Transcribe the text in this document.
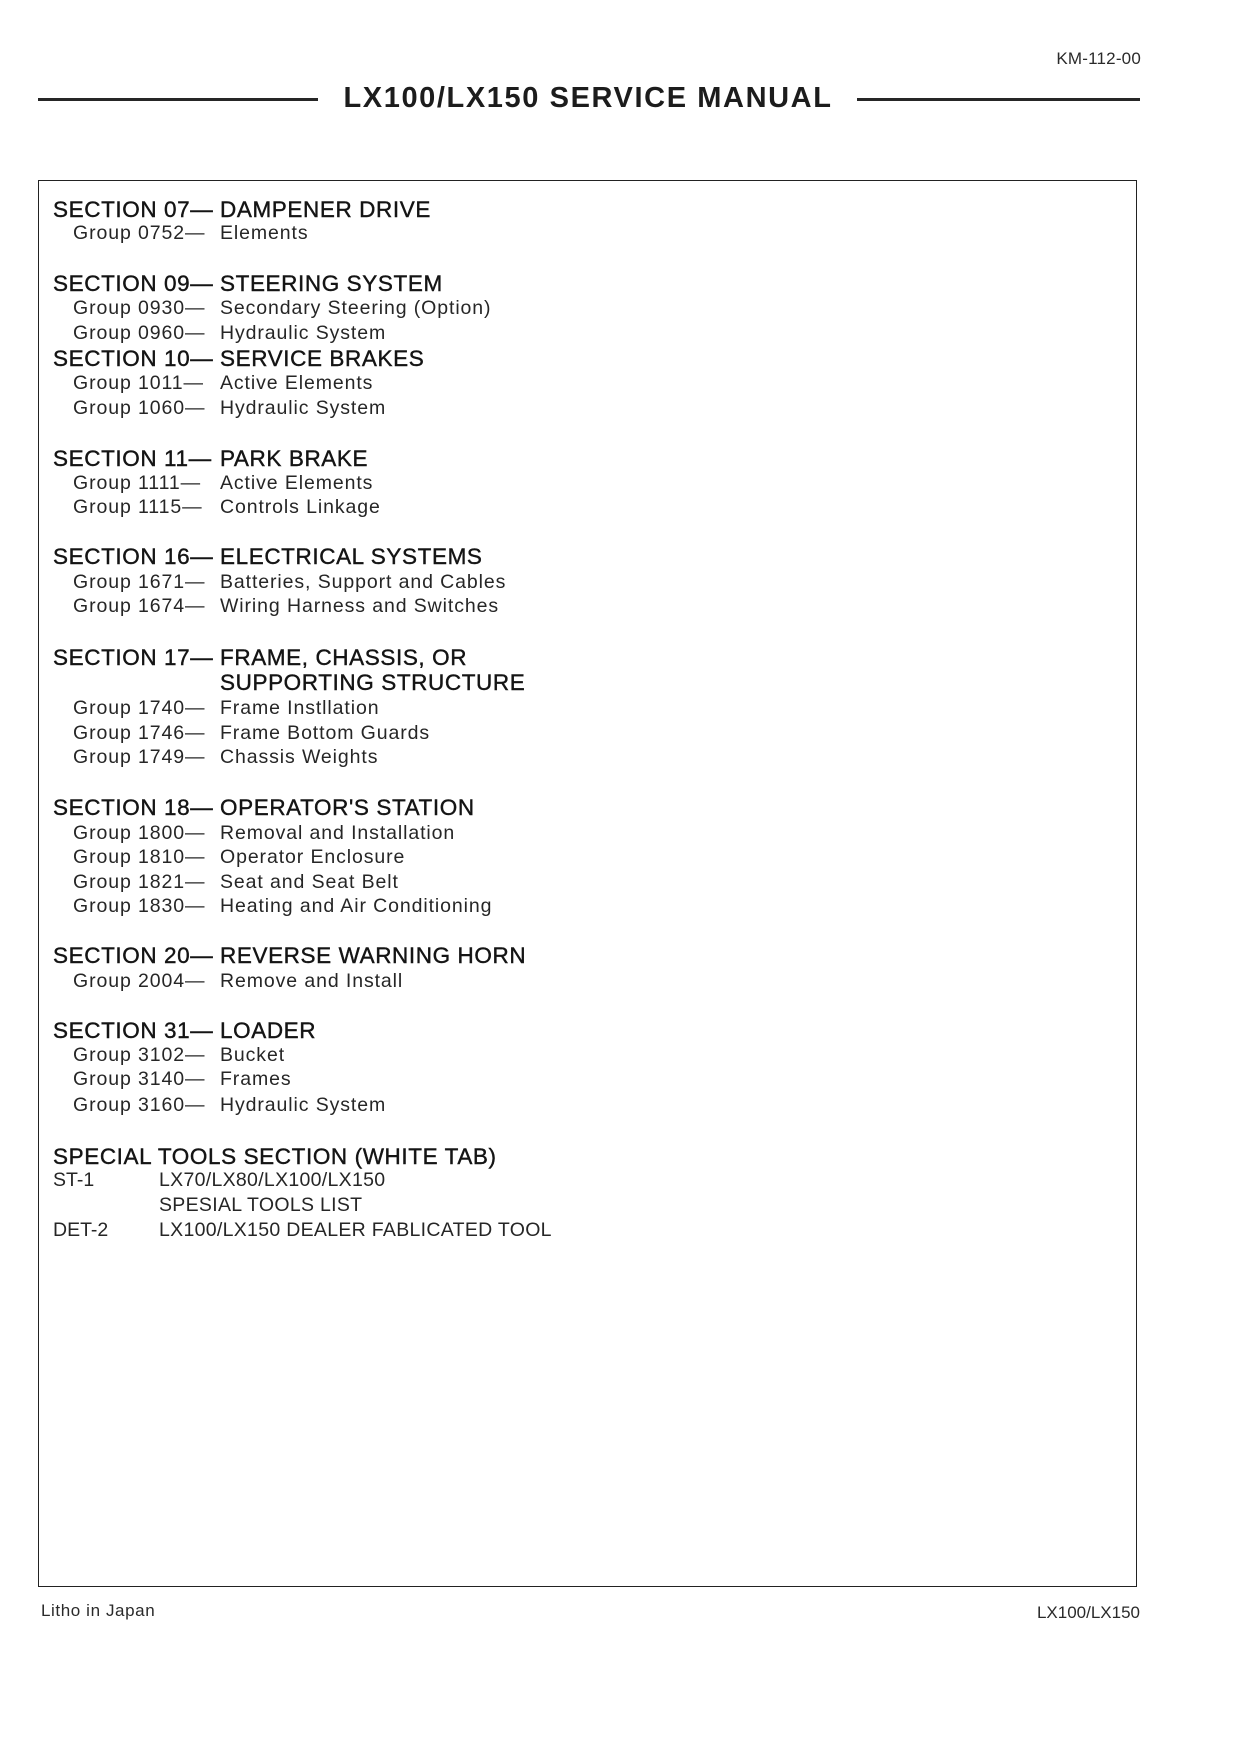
KM-112-00
LX100/LX150 SERVICE MANUAL
SECTION 07— DAMPENER DRIVE
Group 0752— Elements
SECTION 09— STEERING SYSTEM
Group 0930— Secondary Steering (Option)
Group 0960— Hydraulic System
SECTION 10— SERVICE BRAKES
Group 1011— Active Elements
Group 1060— Hydraulic System
SECTION 11— PARK BRAKE
Group 1111— Active Elements
Group 1115— Controls Linkage
SECTION 16— ELECTRICAL SYSTEMS
Group 1671— Batteries, Support and Cables
Group 1674— Wiring Harness and Switches
SECTION 17— FRAME, CHASSIS, OR
SUPPORTING STRUCTURE
Group 1740— Frame Instllation
Group 1746— Frame Bottom Guards
Group 1749— Chassis Weights
SECTION 18— OPERATOR'S STATION
Group 1800— Removal and Installation
Group 1810— Operator Enclosure
Group 1821— Seat and Seat Belt
Group 1830— Heating and Air Conditioning
SECTION 20— REVERSE WARNING HORN
Group 2004— Remove and Install
SECTION 31— LOADER
Group 3102— Bucket
Group 3140— Frames
Group 3160— Hydraulic System
SPECIAL TOOLS SECTION (WHITE TAB)
ST-1	LX70/LX80/LX100/LX150
SPESIAL TOOLS LIST
DET-2	LX100/LX150 DEALER FABLICATED TOOL
Litho in Japan	LX100/LX150
